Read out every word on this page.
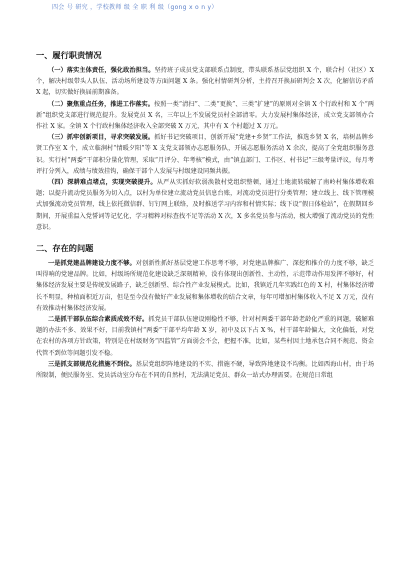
四会 号 研究 ，学校教师 级 全 职 利 级（gong x o n y）
一、履行职责情况

（一）落实主体责任，强化政治担当。坚持班子成员党支部联系点制度，带头联系基层党组织 X 个，联合村（社区）X 个，解决村级带头人队伍、活动场所建设等方面问题 X 条。强化村情研判分析，主持召开换届研判会 X 次，化解信访矛盾 X 起，切实做好换届前期准备。

（二）聚焦重点任务，推进工作落实。按照一类“清扫”、二类“更换”、三类“扩建”的原则对全镇 X 个行政村和 X 个“两新”组织党支部进行规范提升。发展党员 X 名，三年以上不发展党员村全部清零。大力发展村集体经济，成立党支部领办合作社 X 家。全镇 X 个行政村集体经济收入全部突破 X 万元，其中有 X 个村超过 X 万元。

（三）抓牢创新项目，寻求突破发展。抓好书记突破项目，创新开展“党建+乡贤”工作法，推选乡贤 X 名，培树品牌乡贤工作室 X 个，成立临涧村“情暖夕阳”等 X 支党支部领办志愿服务队，开展志愿服务活动 X 余次，提高了全党组织服务意识。实行村“两委”干部积分量化管理，采取“月评分、年考核”模式，由“镇直部门、工作区、村书记”三级考量评议，每月考评打分列入，成绩与绩效挂钩，确保干部个人发展与村级建设同频共振。

（四）深耕难点堵点，实现突破提升。从严从实抓好软弱涣散村党组织整顿，通过土地流转破解了南岭村集体增收难题；以提升流动党员服务为切入点，以村为单位建立流动党员信息台账，对流动党员进行分类管理；建立线上、线下管理模式加强流动党员管理，线上依托微信群、钉钉网上联络，及时推送学习内容和村情实际；线下设“假日体检站”，在假期回乡期间，开展重温入党誓词等记忆化，学习精粹对标查找不足等活动 X 次，X 多名党员参与活动，极大增强了流动党员的党性意识。

二、存在的问题

一是抓党建品牌建设力度不够。对创新性抓好基层党建工作思考不够，对党建品牌推广、深挖和推介的力度不够，缺乏叫得响的党建品牌。比如，村级场所规范化建设缺乏深刻精神，没有体现出创新性、主动性，示范带动作用发挥不够好，村集体经济发展主要是传统发展路子，缺乏创新型、综合性产业发展模式。比如，我镇近几年实践红色的 X 村，村集体经济增长不明显，种植面积近万亩，但是至今没有做好产业发展和集体增收的结合文章，每年可增加村集体收入不足 X 万元，没有有效推动村集体经济发展。

二是抓干部队伍综合素质成效不好。抓党员干部队伍建设刚稳性不够，针对村两委干部年龄老龄化严重的问题，破解难题的办法不多、效果不好，目前我镇村“两委”干部平均年龄 X 岁，初中及以下占 X %，村干部年龄偏大，文化偏低，对党在农村的各项方针政策，特别是在村级财务“四监管”方面弱会不会，把握不准，比如，某些村因土地承包合同不规范、资金代管不到位等问题引发不稳。

三是抓支部规范化措施不到位。基层党组织阵地建设的不实、措施不硬，导致阵地建设不均衡。比如西海山村，由于场所限制，便民服务室、党员活动室分布在不同的自然村，无法满足党员、群众一站式办理需要。在规范日常组
